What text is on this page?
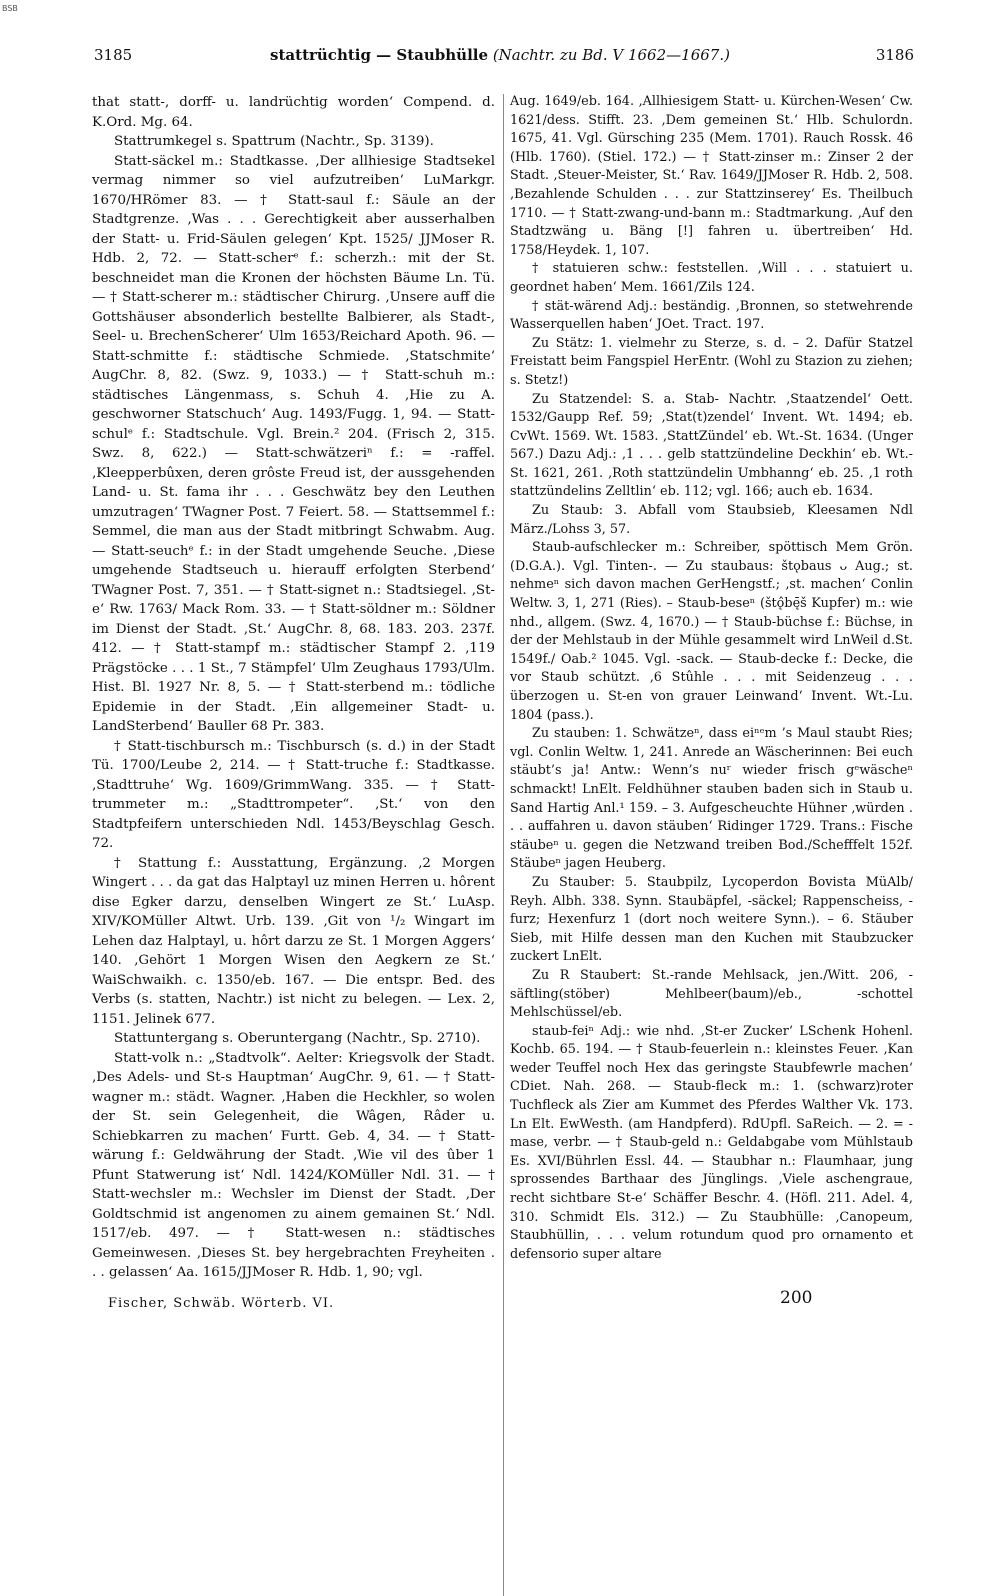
BSB
3185	stattrüchtig — Staubhülle (Nachtr. zu Bd. V 1662—1667.)	3186

that statt-, dorff- u. landrüchtig worden‘ Compend. d. K.Ord. Mg. 64.

Stattrumkegel s. Spattrum (Nachtr., Sp. 3139).

Statt-säckel m.: Stadtkasse. ‚Der allhiesige Stadtsekel vermag nimmer so viel aufzutreiben‘ LuMarkgr. 1670/HRömer 83. — † Statt-saul f.: Säule an der Stadtgrenze. ‚Was . . . Gerechtigkeit aber ausserhalben der Statt- u. Frid-Säulen gelegen‘ Kpt. 1525/ JJMoser R. Hdb. 2, 72. — Statt-scherᵉ f.: scherzh.: mit der St. beschneidet man die Kronen der höchsten Bäume Ln. Tü. — † Statt-scherer m.: städtischer Chirurg. ‚Unsere auff die Gottshäuser absonderlich bestellte Balbierer, als Stadt-, Seel- u. BrechenScherer‘ Ulm 1653/Reichard Apoth. 96. — Statt-schmitte f.: städtische Schmiede. ‚Statschmite‘ AugChr. 8, 82. (Swz. 9, 1033.) — † Statt-schuh m.: städtisches Längenmass, s. Schuh 4. ‚Hie zu A. geschworner Statschuch‘ Aug. 1493/Fugg. 1, 94. — Statt-schulᵉ f.: Stadtschule. Vgl. Brein.² 204. (Frisch 2, 315. Swz. 8, 622.) — Statt-schwätzeriⁿ f.: = -raffel. ‚Kleepperbûxen, deren grôste Freud ist, der aussgehenden Land- u. St. fama ihr . . . Geschwätz bey den Leuthen umzutragen‘ TWagner Post. 7 Feiert. 58. — Stattsemmel f.: Semmel, die man aus der Stadt mitbringt Schwabm. Aug. — Statt-seuchᵉ f.: in der Stadt umgehende Seuche. ‚Diese umgehende Stadtseuch u. hierauff erfolgten Sterbend‘ TWagner Post. 7, 351. — † Statt-signet n.: Stadtsiegel. ‚St-e‘ Rw. 1763/ Mack Rom. 33. — † Statt-söldner m.: Söldner im Dienst der Stadt. ‚St.‘ AugChr. 8, 68. 183. 203. 237f. 412. — † Statt-stampf m.: städtischer Stampf 2. ‚119 Prägstöcke . . . 1 St., 7 Stämpfel‘ Ulm Zeughaus 1793/Ulm. Hist. Bl. 1927 Nr. 8, 5. — † Statt-sterbend m.: tödliche Epidemie in der Stadt. ‚Ein allgemeiner Stadt- u. LandSterbend‘ Bauller 68 Pr. 383.

† Statt-tischbursch m.: Tischbursch (s. d.) in der Stadt Tü. 1700/Leube 2, 214. — † Statt-truche f.: Stadtkasse. ‚Stadttruhe‘ Wg. 1609/GrimmWang. 335. — † Statt-trummeter m.: „Stadttrompeter“. ‚St.‘ von den Stadtpfeifern unterschieden Ndl. 1453/Beyschlag Gesch. 72.

† Stattung f.: Ausstattung, Ergänzung. ‚2 Morgen Wingert . . . da gat das Halptayl uz minen Herren u. hôrent dise Egker darzu, denselben Wingert ze St.‘ LuAsp. XIV/KOMüller Altwt. Urb. 139. ‚Git von ¹/₂ Wingart im Lehen daz Halptayl, u. hôrt darzu ze St. 1 Morgen Aggers‘ 140. ‚Gehört 1 Morgen Wisen den Aegkern ze St.‘ WaiSchwaikh. c. 1350/eb. 167. — Die entspr. Bed. des Verbs (s. statten, Nachtr.) ist nicht zu belegen. — Lex. 2, 1151. Jelinek 677.

Stattuntergang s. Oberuntergang (Nachtr., Sp. 2710).

Statt-volk n.: „Stadtvolk“. Aelter: Kriegsvolk der Stadt. ‚Des Adels- und St-s Hauptman‘ AugChr. 9, 61. — † Statt-wagner m.: städt. Wagner. ‚Haben die Heckhler, so wolen der St. sein Gelegenheit, die Wâgen, Râder u. Schiebkarren zu machen‘ Furtt. Geb. 4, 34. — † Statt-wärung f.: Geldwährung der Stadt. ‚Wie vil des ûber 1 Pfunt Statwerung ist‘ Ndl. 1424/KOMüller Ndl. 31. — † Statt-wechsler m.: Wechsler im Dienst der Stadt. ‚Der Goldtschmid ist angenomen zu ainem gemainen St.‘ Ndl. 1517/eb. 497. — † Statt-wesen n.: städtisches Gemeinwesen. ‚Dieses St. bey hergebrachten Freyheiten . . . gelassen‘ Aa. 1615/JJMoser R. Hdb. 1, 90; vgl.

Aug. 1649/eb. 164. ‚Allhiesigem Statt- u. Kürchen-Wesen‘ Cw. 1621/dess. Stifft. 23. ‚Dem gemeinen St.‘ Hlb. Schulordn. 1675, 41. Vgl. Gürsching 235 (Mem. 1701). Rauch Rossk. 46 (Hlb. 1760). (Stiel. 172.) — † Statt-zinser m.: Zinser 2 der Stadt. ‚Steuer-Meister, St.‘ Rav. 1649/JJMoser R. Hdb. 2, 508. ‚Bezahlende Schulden . . . zur Stattzinserey‘ Es. Theilbuch 1710. — † Statt-zwang-und-bann m.: Stadtmarkung. ‚Auf den Stadtzwäng u. Bäng [!] fahren u. übertreiben‘ Hd. 1758/Heydek. 1, 107.

† statuieren schw.: feststellen. ‚Will . . . statuiert u. geordnet haben‘ Mem. 1661/Zils 124.

† stät-wärend Adj.: beständig. ‚Bronnen, so stetwehrende Wasserquellen haben‘ JOet. Tract. 197.

Zu Stätz: 1. vielmehr zu Sterze, s. d. – 2. Dafür Statzel Freistatt beim Fangspiel HerEntr. (Wohl zu Stazion zu ziehen; s. Stetz!)

Zu Statzendel: S. a. Stab- Nachtr. ‚Staatzendel‘ Oett. 1532/Gaupp Ref. 59; ‚Stat(t)zendel‘ Invent. Wt. 1494; eb. CvWt. 1569. Wt. 1583. ‚StattZündel‘ eb. Wt.-St. 1634. (Unger 567.) Dazu Adj.: ‚1 . . . gelb stattzündeline Deckhin‘ eb. Wt.-St. 1621, 261. ‚Roth stattzündelin Umbhanng‘ eb. 25. ‚1 roth stattzündelins Zelltlin‘ eb. 112; vgl. 166; auch eb. 1634.

Zu Staub: 3. Abfall vom Staubsieb, Kleesamen Ndl März./Lohss 3, 57.

Staub-aufschlecker m.: Schreiber, spöttisch Mem Grön. (D.G.A.). Vgl. Tinten-. — Zu staubaus: štǫbaus ᴗ Aug.; st. nehmeⁿ sich davon machen GerHengstf.; ‚st. machen‘ Conlin Weltw. 3, 1, 271 (Ries). – Staub-beseⁿ (štǫ̂bę̄š Kupfer) m.: wie nhd., allgem. (Swz. 4, 1670.) — † Staub-büchse f.: Büchse, in der der Mehlstaub in der Mühle gesammelt wird LnWeil d.St. 1549f./ Oab.² 1045. Vgl. -sack. — Staub-decke f.: Decke, die vor Staub schützt. ‚6 Stûhle . . . mit Seidenzeug . . . überzogen u. St-en von grauer Leinwand‘ Invent. Wt.-Lu. 1804 (pass.).

Zu stauben: 1. Schwätzeⁿ, dass eiⁿᵉm ’s Maul staubt Ries; vgl. Conlin Weltw. 1, 241. Anrede an Wäscherinnen: Bei euch stäubt’s ja! Antw.: Wenn’s nuʳ wieder frisch gᵉwäscheⁿ schmackt! LnElt. Feldhühner stauben baden sich in Staub u. Sand Hartig Anl.¹ 159. – 3. Aufgescheuchte Hühner ‚würden . . . auffahren u. davon stäuben‘ Ridinger 1729. Trans.: Fische stäubeⁿ u. gegen die Netzwand treiben Bod./Schefffelt 152f. Stäubeⁿ jagen Heuberg.

Zu Stauber: 5. Staubpilz, Lycoperdon Bovista MüAlb/ Reyh. Albh. 338. Synn. Staubäpfel, -säckel; Rappenscheiss, -furz; Hexenfurz 1 (dort noch weitere Synn.). – 6. Stäuber Sieb, mit Hilfe dessen man den Kuchen mit Staubzucker zuckert LnElt.

Zu R Staubert: St.-rande Mehlsack, jen./Witt. 206, -säftling(stöber) Mehlbeer(baum)/eb., -schottel Mehlschüssel/eb.

staub-feiⁿ Adj.: wie nhd. ‚St-er Zucker‘ LSchenk Hohenl. Kochb. 65. 194. — † Staub-feuerlein n.: kleinstes Feuer. ‚Kan weder Teuffel noch Hex das geringste Staubfewrle machen‘ CDiet. Nah. 268. — Staub-fleck m.: 1. (schwarz)roter Tuchfleck als Zier am Kummet des Pferdes Walther Vk. 173. Ln Elt. EwWesth. (am Handpferd). RdUpfl. SaReich. — 2. = -mase, verbr. — † Staub-geld n.: Geldabgabe vom Mühlstaub Es. XVI/Bührlen Essl. 44. — Staubhar n.: Flaumhaar, jung sprossendes Barthaar des Jünglings. ‚Viele aschengraue, recht sichtbare St-e‘ Schäffer Beschr. 4. (Höfl. 211. Adel. 4, 310. Schmidt Els. 312.) — Zu Staubhülle: ‚Canopeum, Staubhüllin, . . . velum rotundum quod pro ornamento et defensorio super altare

Fischer, Schwäb. Wörterb. VI.	200
